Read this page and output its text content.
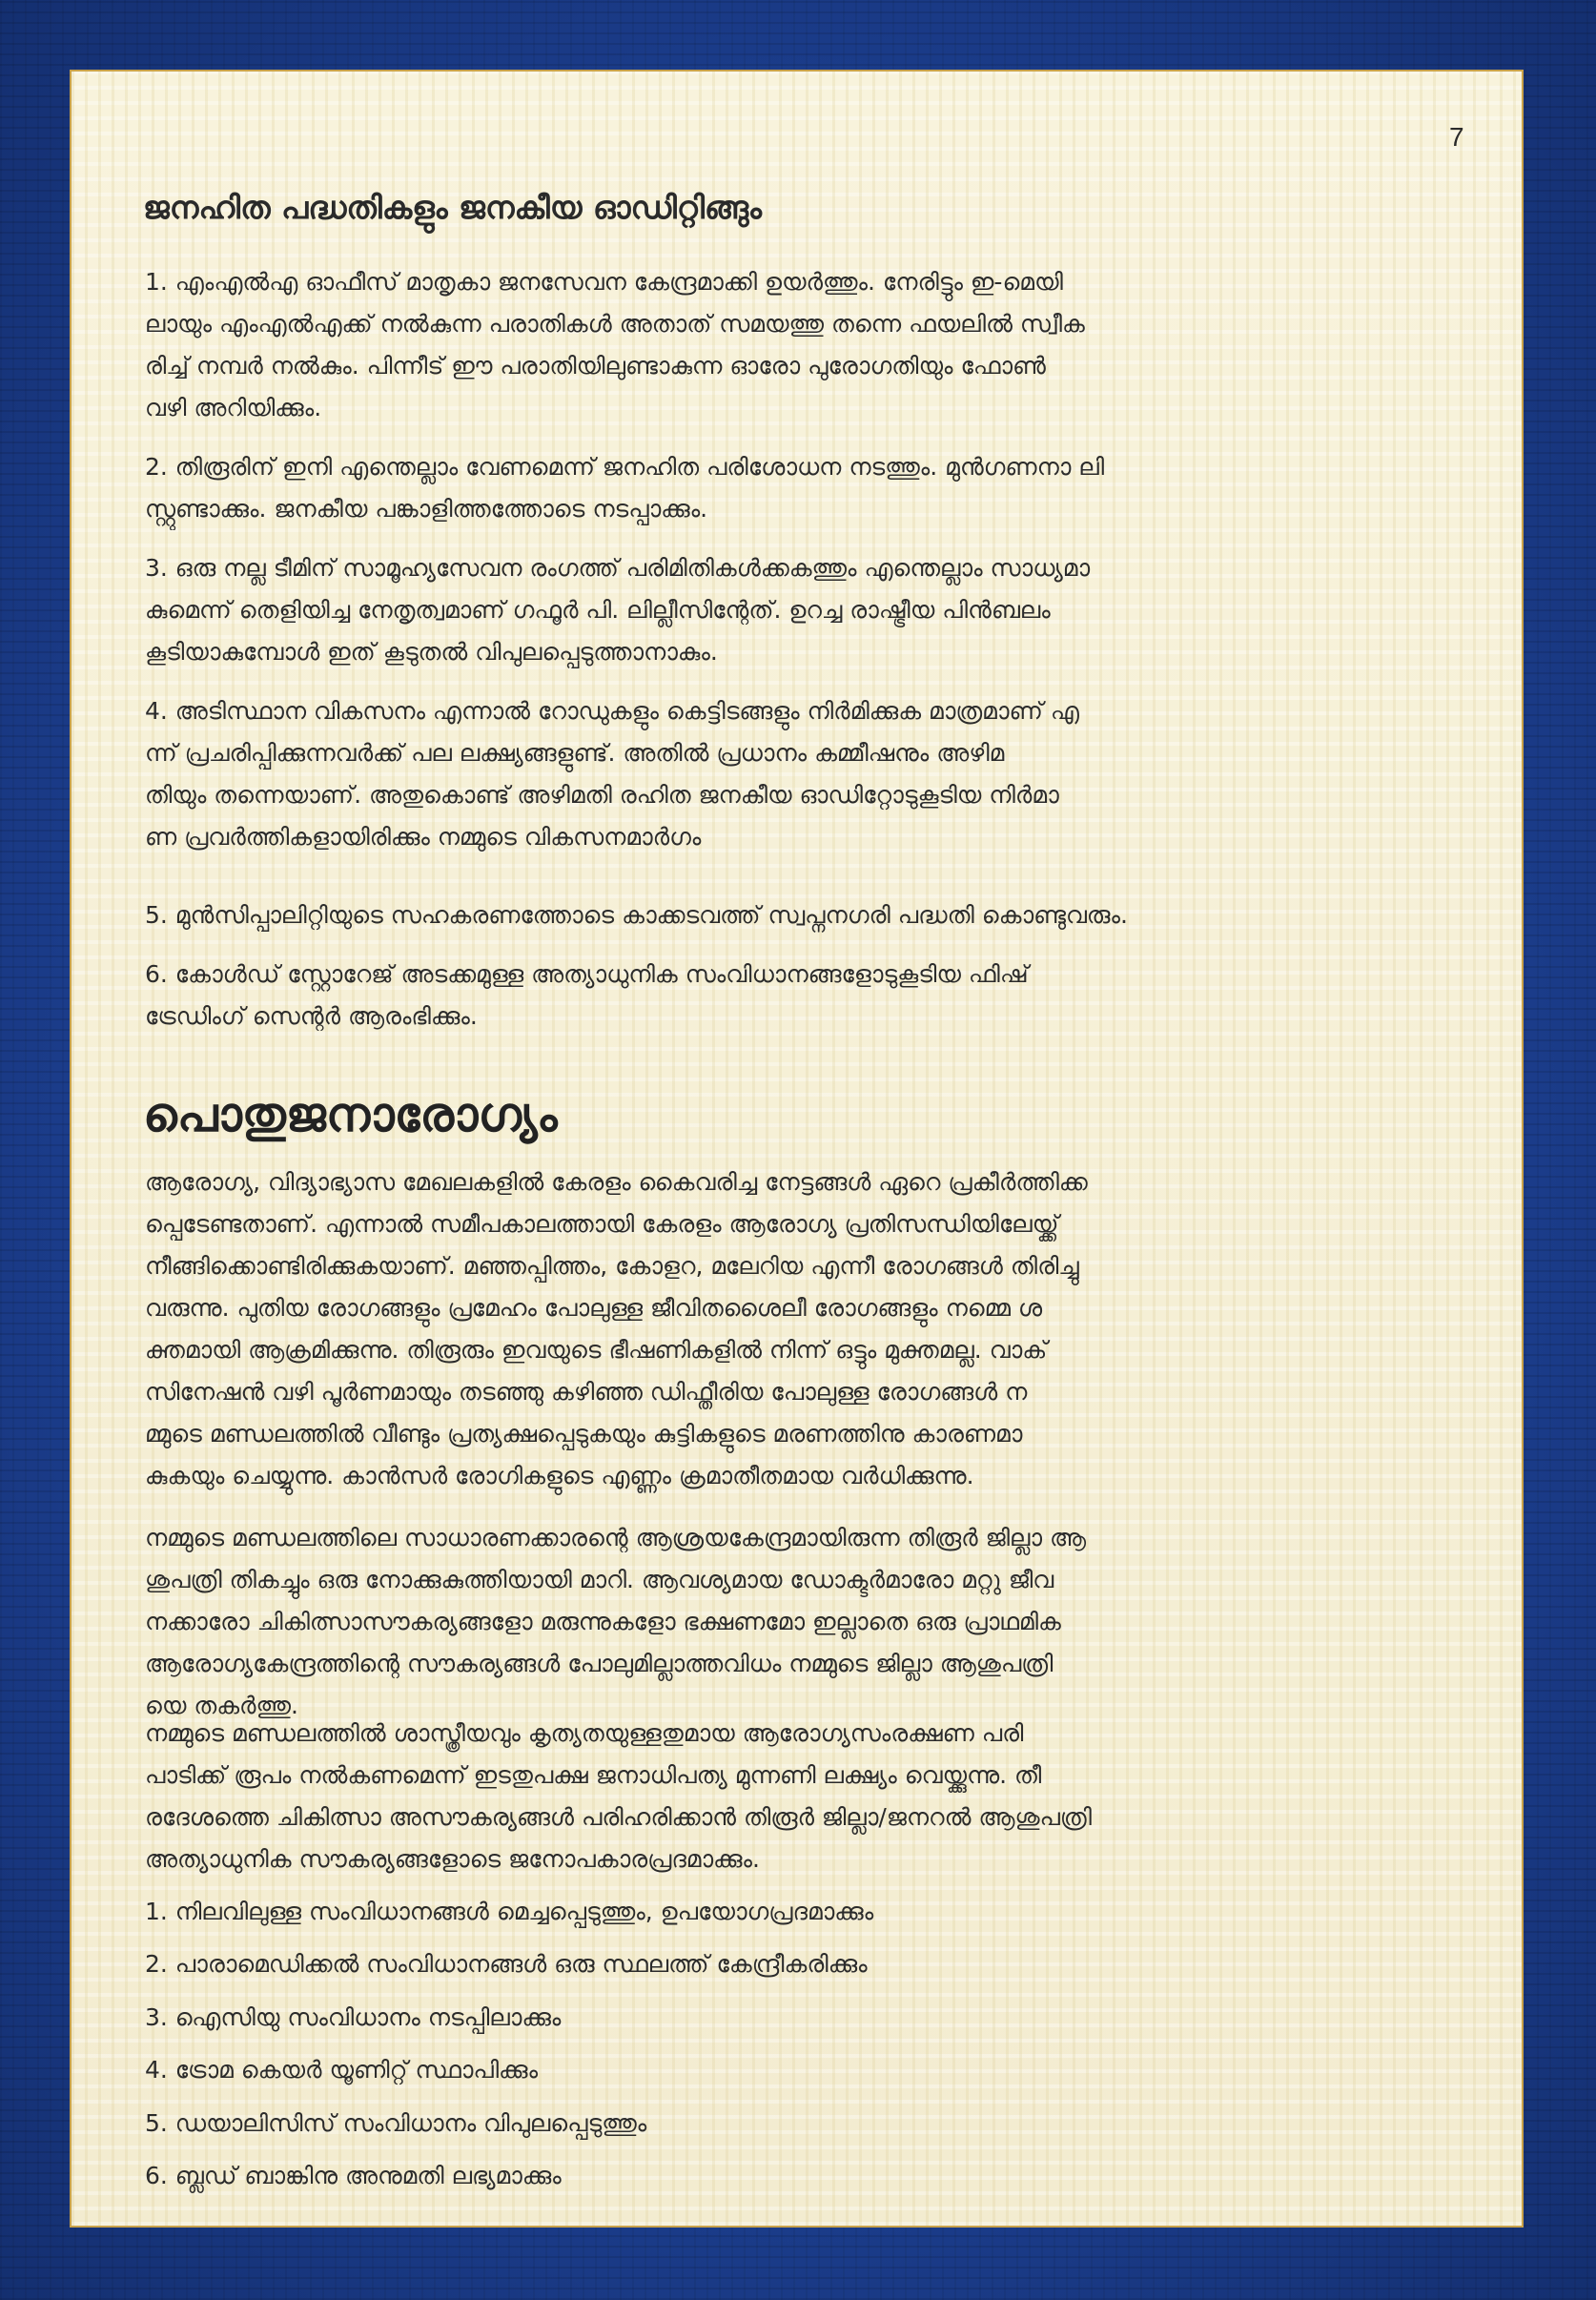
7
ജനഹിത പദ്ധതികളും ജനകീയ ഓഡിറ്റിങ്ങും
1. എംഎൽഎ ഓഫീസ് മാതൃകാ ജനസേവന കേന്ദ്രമാക്കി ഉയർത്തും. നേരിട്ടും ഇ-മെയി
ലായും എംഎൽഎക്ക് നൽകുന്ന പരാതികൾ അതാത് സമയത്തു തന്നെ ഫയലിൽ സ്വീക
രിച്ച് നമ്പർ നൽകും. പിന്നീട് ഈ പരാതിയിലുണ്ടാകുന്ന ഓരോ പുരോഗതിയും ഫോൺ
വഴി അറിയിക്കും.
2. തിരൂരിന് ഇനി എന്തെല്ലാം വേണമെന്ന് ജനഹിത പരിശോധന നടത്തും. മുൻഗണനാ ലി
സ്റ്റുണ്ടാക്കും. ജനകീയ പങ്കാളിത്തത്തോടെ നടപ്പാക്കും.
3. ഒരു നല്ല ടീമിന് സാമൂഹ്യസേവന രംഗത്ത് പരിമിതികൾക്കകത്തും എന്തെല്ലാം സാധ്യമാ
കുമെന്ന് തെളിയിച്ച നേതൃത്വമാണ് ഗഫൂർ പി. ലില്ലീസിന്റേത്. ഉറച്ച രാഷ്ട്രീയ പിൻബലം
കൂടിയാകുമ്പോൾ ഇത് കൂടുതൽ വിപുലപ്പെടുത്താനാകും.
4. അടിസ്ഥാന വികസനം എന്നാൽ റോഡുകളും കെട്ടിടങ്ങളും നിർമിക്കുക മാത്രമാണ് എ
ന്ന് പ്രചരിപ്പിക്കുന്നവർക്ക് പല ലക്ഷ്യങ്ങളുണ്ട്. അതിൽ പ്രധാനം കമ്മീഷനും അഴിമ
തിയും തന്നെയാണ്. അതുകൊണ്ട് അഴിമതി രഹിത ജനകീയ ഓഡിറ്റോടുകൂടിയ നിർമാ
ണ പ്രവർത്തികളായിരിക്കും നമ്മുടെ വികസനമാർഗം
5. മുൻസിപ്പാലിറ്റിയുടെ സഹകരണത്തോടെ കാക്കടവത്ത് സ്വപ്നനഗരി പദ്ധതി കൊണ്ടുവരും.
6. കോൾഡ് സ്റ്റോറേജ് അടക്കമുള്ള അത്യാധുനിക സംവിധാനങ്ങളോടുകൂടിയ ഫിഷ്
ട്രേഡിംഗ് സെന്റർ ആരംഭിക്കും.
പൊതുജനാരോഗ്യം
ആരോഗ്യ, വിദ്യാഭ്യാസ മേഖലകളിൽ കേരളം കൈവരിച്ച നേട്ടങ്ങൾ ഏറെ പ്രകീർത്തിക്ക
പ്പെടേണ്ടതാണ്. എന്നാൽ സമീപകാലത്തായി കേരളം ആരോഗ്യ പ്രതിസന്ധിയിലേയ്ക്ക്
നീങ്ങിക്കൊണ്ടിരിക്കുകയാണ്. മഞ്ഞപ്പിത്തം, കോളറ, മലേറിയ എന്നീ രോഗങ്ങൾ തിരിച്ചു
വരുന്നു. പുതിയ രോഗങ്ങളും പ്രമേഹം പോലുള്ള ജീവിതശൈലീ രോഗങ്ങളും നമ്മെ ശ
ക്തമായി ആക്രമിക്കുന്നു. തിരൂരും ഇവയുടെ ഭീഷണികളിൽ നിന്ന് ഒട്ടും മുക്തമല്ല. വാക്
സിനേഷൻ വഴി പൂർണമായും തടഞ്ഞു കഴിഞ്ഞ ഡിഫ്തീരിയ പോലുള്ള രോഗങ്ങൾ ന
മ്മുടെ മണ്ഡലത്തിൽ വീണ്ടും പ്രത്യക്ഷപ്പെടുകയും കുട്ടികളുടെ മരണത്തിനു കാരണമാ
കുകയും ചെയ്യുന്നു. കാൻസർ രോഗികളുടെ എണ്ണം ക്രമാതീതമായ വർധിക്കുന്നു.
നമ്മുടെ മണ്ഡലത്തിലെ സാധാരണക്കാരന്റെ ആശ്രയകേന്ദ്രമായിരുന്ന തിരൂർ ജില്ലാ ആ
ശുപത്രി തികച്ചും ഒരു നോക്കുകുത്തിയായി മാറി. ആവശ്യമായ ഡോക്ടർമാരോ മറ്റു ജീവ
നക്കാരോ ചികിത്സാസൗകര്യങ്ങളോ മരുന്നുകളോ ഭക്ഷണമോ ഇല്ലാതെ ഒരു പ്രാഥമിക
ആരോഗ്യകേന്ദ്രത്തിന്റെ സൗകര്യങ്ങൾ പോലുമില്ലാത്തവിധം നമ്മുടെ ജില്ലാ ആശുപത്രി
യെ തകർത്തു.
നമ്മുടെ മണ്ഡലത്തിൽ ശാസ്ത്രീയവും കൃത്യതയുള്ളതുമായ ആരോഗ്യസംരക്ഷണ പരി
പാടിക്ക് രൂപം നൽകണമെന്ന് ഇടതുപക്ഷ ജനാധിപത്യ മുന്നണി ലക്ഷ്യം വെയ്ക്കുന്നു. തീ
രദേശത്തെ ചികിത്സാ അസൗകര്യങ്ങൾ പരിഹരിക്കാൻ തിരൂർ ജില്ലാ/ജനറൽ ആശുപത്രി
അത്യാധുനിക സൗകര്യങ്ങളോടെ ജനോപകാരപ്രദമാക്കും.
1. നിലവിലുള്ള സംവിധാനങ്ങൾ മെച്ചപ്പെടുത്തും, ഉപയോഗപ്രദമാക്കും
2. പാരാമെഡിക്കൽ സംവിധാനങ്ങൾ ഒരു സ്ഥലത്ത് കേന്ദ്രീകരിക്കും
3. ഐസിയു സംവിധാനം നടപ്പിലാക്കും
4. ട്രോമ കെയർ യൂണിറ്റ് സ്ഥാപിക്കും
5. ഡയാലിസിസ് സംവിധാനം വിപുലപ്പെടുത്തും
6. ബ്ലഡ് ബാങ്കിനു അനുമതി ലഭ്യമാക്കും
